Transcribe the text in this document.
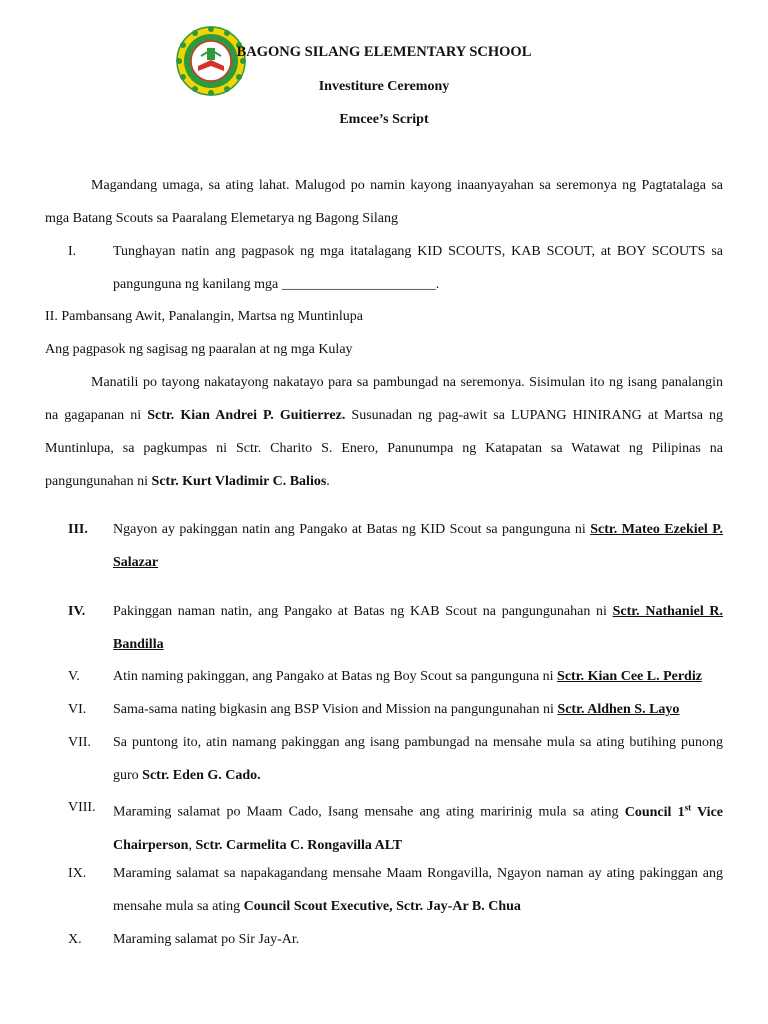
BAGONG SILANG ELEMENTARY SCHOOL
Investiture Ceremony
Emcee’s Script

Magandang umaga, sa ating lahat. Malugod po namin kayong inaanyayahan sa seremonya ng Pagtatalaga sa mga Batang Scouts sa Paaralang Elemetarya ng Bagong Silang

I.	Tunghayan natin ang pagpasok ng mga itatalagang KID SCOUTS, KAB SCOUT, at BOY SCOUTS sa pangunguna ng kanilang mga ______________________.
II. Pambansang Awit, Panalangin, Martsa ng Muntinlupa
Ang pagpasok ng sagisag ng paaralan at ng mga Kulay

Manatili po tayong nakatayong nakatayo para sa pambungad na seremonya. Sisimulan ito ng isang panalangin na gagapanan ni Sctr. Kian Andrei P. Guitierrez. Susunadan ng pag-awit sa LUPANG HINIRANG at Martsa ng Muntinlupa, sa pagkumpas ni Sctr. Charito S. Enero, Panunumpa ng Katapatan sa Watawat ng Pilipinas na pangungunahan ni Sctr. Kurt Vladimir C. Balios.

III. Ngayon ay pakinggan natin ang Pangako at Batas ng KID Scout sa pangunguna ni Sctr. Mateo Ezekiel P. Salazar
IV. Pakinggan naman natin, ang Pangako at Batas ng KAB Scout na pangungunahan ni Sctr. Nathaniel R. Bandilla
V. Atin naming pakinggan, ang Pangako at Batas ng Boy Scout sa pangunguna ni Sctr. Kian Cee L. Perdiz
VI. Sama-sama nating bigkasin ang BSP Vision and Mission na pangungunahan ni Sctr. Aldhen S. Layo
VII. Sa puntong ito, atin namang pakinggan ang isang pambungad na mensahe mula sa ating butihing punong guro Sctr. Eden G. Cado.
VIII. Maraming salamat po Maam Cado, Isang mensahe ang ating maririnig mula sa ating Council 1st Vice Chairperson, Sctr. Carmelita C. Rongavilla ALT
IX. Maraming salamat sa napakagandang mensahe Maam Rongavilla, Ngayon naman ay ating pakinggan ang mensahe mula sa ating Council Scout Executive, Sctr. Jay-Ar B. Chua
X. Maraming salamat po Sir Jay-Ar.
